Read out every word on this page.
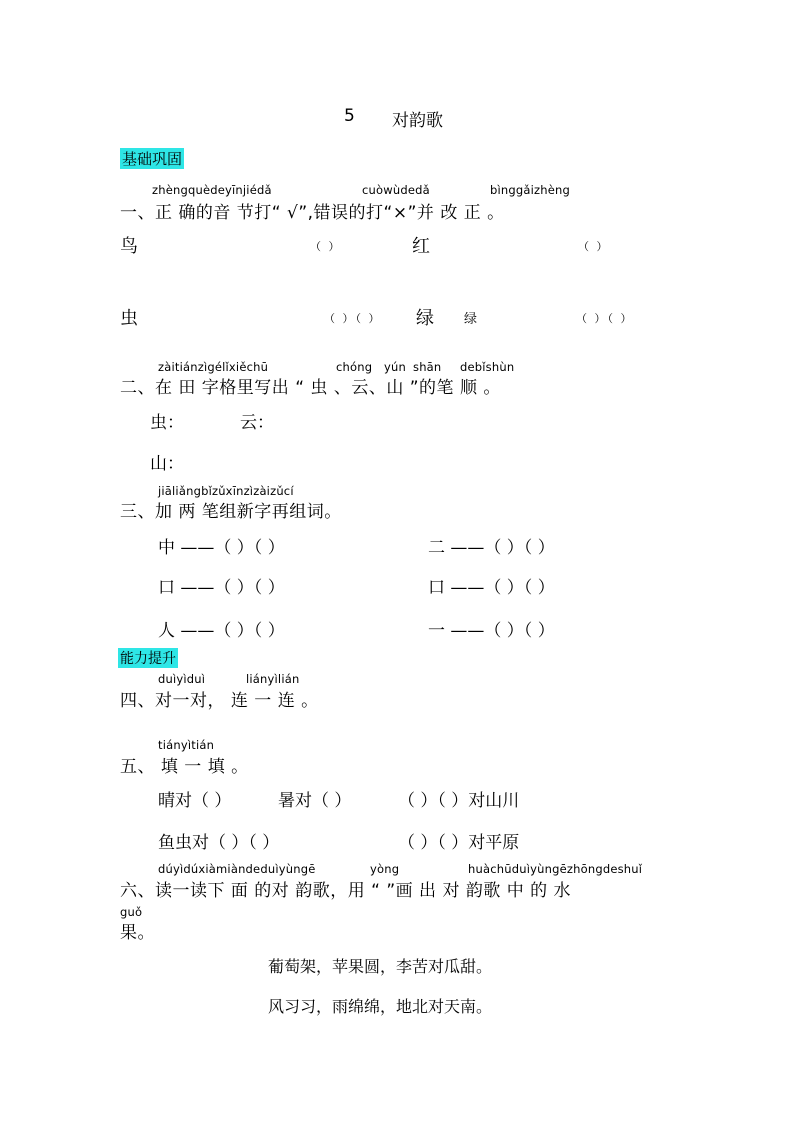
5 对韵歌
基础巩固
zhèngquèdeyīnjiédǎ	cuòwùdedǎ	bìnggǎizhèng
一、正 确的音 节打“ √”,错误的打“×”并 改 正 。
鸟	（ ）	红	（ ）
虫	（ ）（ ） 绿 绿	（ ）（ ）
zàitiánzìgélǐxiěchū	chóng yún shān debǐshùn
二、在 田 字格里写出 “ 虫 、云、山 ”的笔 顺 。
虫：	云：
山：
jiāliǎngbǐzǔxīnzìzàizǔcí
三、加 两 笔组新字再组词。
中 ——（ ）（ ）	二 ——（ ）（ ）
口 ——（ ）（ ）	口 ——（ ）（ ）
人 ——（ ）（ ）	一 ——（ ）（ ）
能力提升
duìyìduì	liányìlián
四、对一对， 连 一 连 。
tiányìtián
五、 填 一 填 。
晴对（ ）	暑对（ ）	（ ）（ ）对山川
鱼虫对（ ）（ ）	（ ）（ ）对平原
dúyìdúxiàmiàndeduìyùngē	yòng	huàchūduìyùngēzhōngdeshuǐ
六、读一读下 面 的对 韵歌，用 “ ”画 出 对 韵歌 中 的 水
guǒ
果。
葡萄架，苹果圆，李苦对瓜甜。
风习习，雨绵绵，地北对天南。
